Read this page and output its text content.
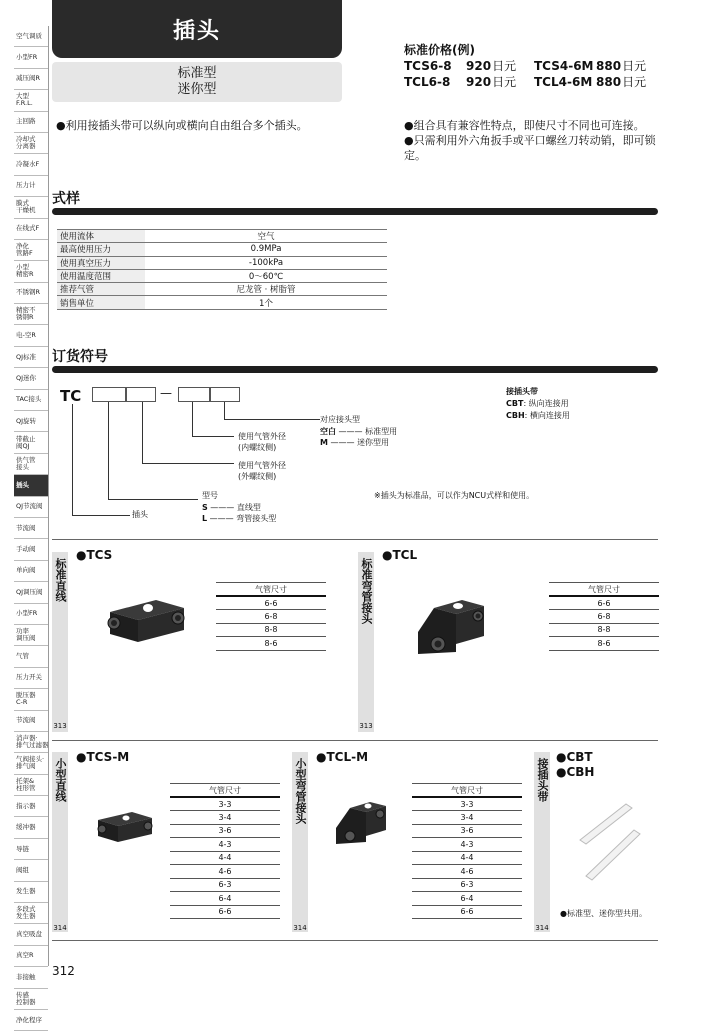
空气调质
小型FR
减压阀R
大型
F.R.L.
主回路
冷却式
分离器
冷凝水F
压力计
膜式
干燥机
在线式F
净化
管路F
小型
精密R
不锈钢R
精密不
锈钢R
电-空R
QJ标准
QJ迷你
TAC接头
QJ旋转
带截止
阀QJ
供气管
接头
插头
QJ节流阀
节流阀
手动阀
单向阀
QJ调压阀
小型FR
功率
调压阀
气管
压力开关
脱压器
C-R
节流阀
消声器·
排气过滤器
气阀接头·
排气阀
托架&
柱形管
指示器
缓冲器
导链
阀组
发生器
多段式
发生器
真空吸盘
真空R
非接触
传感
控制器
净化程序
插头
标准型
迷你型
标准价格(例)
TCS6-8	920 日元 TCS4-6M 880 日元
TCL6-8	920 日元 TCL4-6M 880 日元
●利用接插头带可以纵向或横向自由组合多个插头。	●组合具有兼容性特点，即使尺寸不同也可连接。
●只需利用外六角扳手或平口螺丝刀转动销，即可锁定。
式样
使用流体	空气
最高使用压力	0.9MPa
使用真空压力	-100kPa
使用温度范围	0～60℃
推荐气管	尼龙管 · 树脂管
销售单位	1个
订货符号
TC	—
对应接头型
空白 ——— 标准型用
M ——— 迷你型用
使用气管外径
(内螺纹侧)
使用气管外径
(外螺纹侧)
型号
S ——— 直线型
L ——— 弯管接头型
插头
接插头带
CBT: 纵向连接用
CBH: 横向连接用
※插头为标准品，可以作为NCU式样和使用。
标准直线
313
●TCS
气管尺寸
6-6
6-8
8-8
8-6
标准弯管接头
313
●TCL
气管尺寸
6-6
6-8
8-8
8-6
小型直线
314
●TCS-M
气管尺寸
3-3
3-4
3-6
4-3
4-4
4-6
6-3
6-4
6-6
小型弯管接头
314
●TCL-M
气管尺寸
3-3
3-4
3-6
4-3
4-4
4-6
6-3
6-4
6-6
接插头带
314
●CBT
●CBH
●标准型、迷你型共用。
312
